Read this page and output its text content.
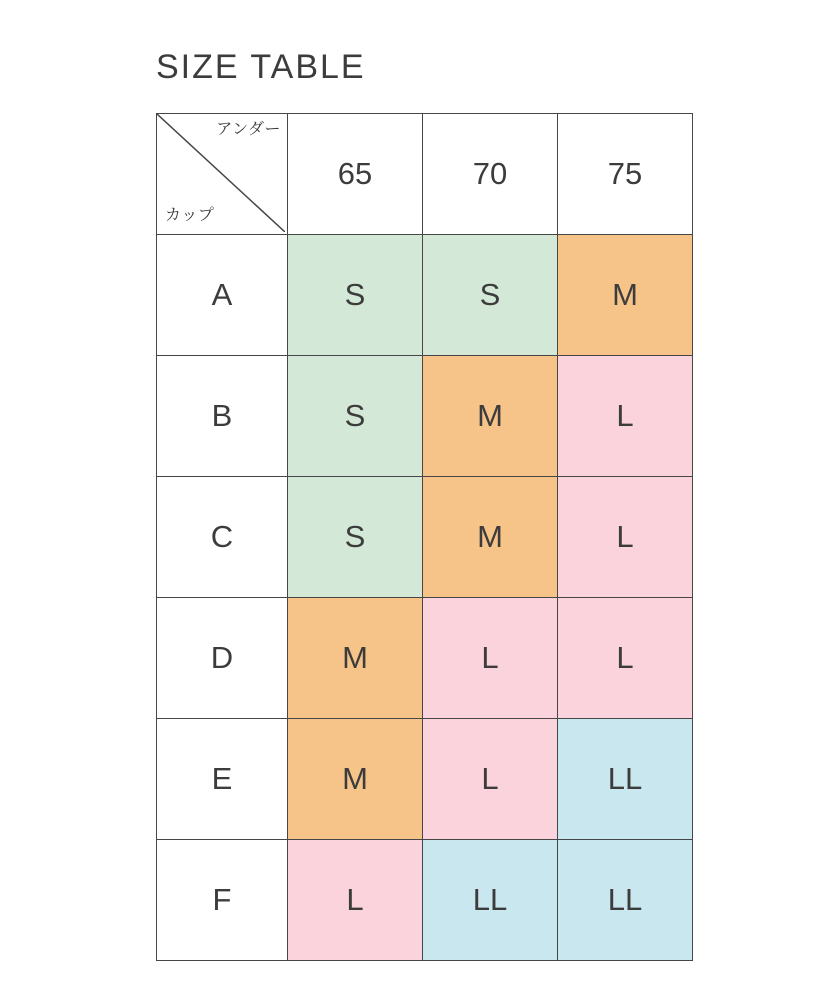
SIZE TABLE
アンダー
カップ	65	70	75
A	S	S	M
B	S	M	L
C	S	M	L
D	M	L	L
E	M	L	LL
F	L	LL	LL
